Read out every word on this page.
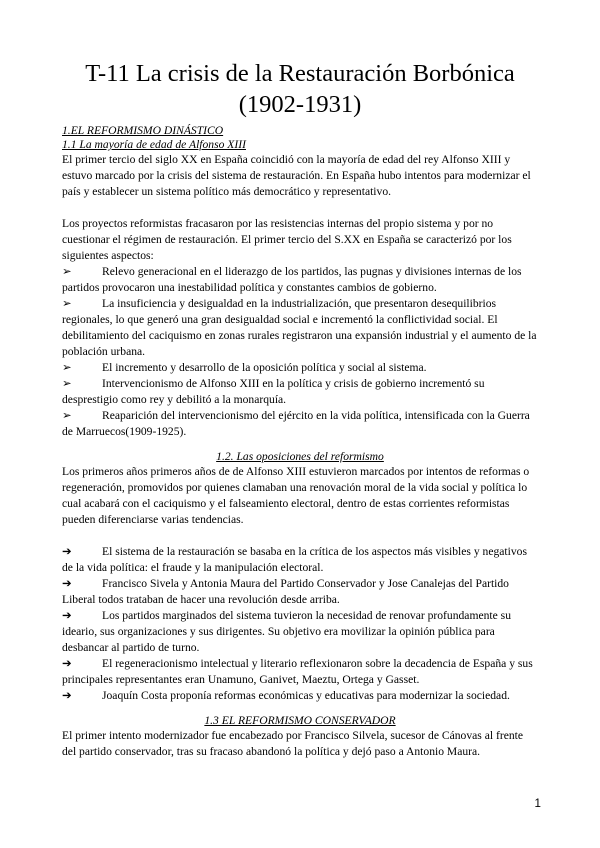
T-11 La crisis de la Restauración Borbónica
(1902-1931)
1.EL REFORMISMO DINÁSTICO
1.1 La mayoría de edad de Alfonso XIII

El primer tercio del siglo XX en España coincidió con la mayoría de edad del rey Alfonso XIII y estuvo marcado por la crisis del sistema de restauración. En España hubo intentos para modernizar el país y establecer un sistema político más democrático y representativo.

Los proyectos reformistas fracasaron por las resistencias internas del propio sistema y por no cuestionar el régimen de restauración. El primer tercio del S.XX en España se caracterizó por los siguientes aspectos:

➢	Relevo generacional en el liderazgo de los partidos, las pugnas y divisiones internas de los partidos provocaron una inestabilidad política y constantes cambios de gobierno.

➢	La insuficiencia y desigualdad en la industrialización, que presentaron desequilibrios regionales, lo que generó una gran desigualdad social e incrementó la conflictividad social. El debilitamiento del caciquismo en zonas rurales registraron una expansión industrial y el aumento de la población urbana.

➢	El incremento y desarrollo de la oposición política y social al sistema.

➢	Intervencionismo de Alfonso XIII en la política y crisis de gobierno incrementó su desprestigio como rey y debilitó a la monarquía.

➢	Reaparición del intervencionismo del ejército en la vida política, intensificada con la Guerra de Marruecos(1909-1925).

1.2. Las oposiciones del reformismo

Los primeros años primeros años de de Alfonso XIII estuvieron marcados por intentos de reformas o regeneración, promovidos por quienes clamaban una renovación moral de la vida social y política lo cual acabará con el caciquismo y el falseamiento electoral, dentro de estas corrientes reformistas pueden diferenciarse varias tendencias.

➔	El sistema de la restauración se basaba en la crítica de los aspectos más visibles y negativos de la vida política: el fraude y la manipulación electoral.

➔	Francisco Sivela y Antonia Maura del Partido Conservador y Jose Canalejas del Partido Liberal todos trataban de hacer una revolución desde arriba.

➔	Los partidos marginados del sistema tuvieron la necesidad de renovar profundamente su ideario, sus organizaciones y sus dirigentes. Su objetivo era movilizar la opinión pública para desbancar al partido de turno.

➔	El regeneracionismo intelectual y literario reflexionaron sobre la decadencia de España y sus principales representantes eran Unamuno, Ganivet, Maeztu, Ortega y Gasset.

➔	Joaquín Costa proponía reformas económicas y educativas para modernizar la sociedad.

1.3 EL REFORMISMO CONSERVADOR

El primer intento modernizador fue encabezado por Francisco Silvela, sucesor de Cánovas al frente del partido conservador, tras su fracaso abandonó la política y dejó paso a Antonio Maura.

1
